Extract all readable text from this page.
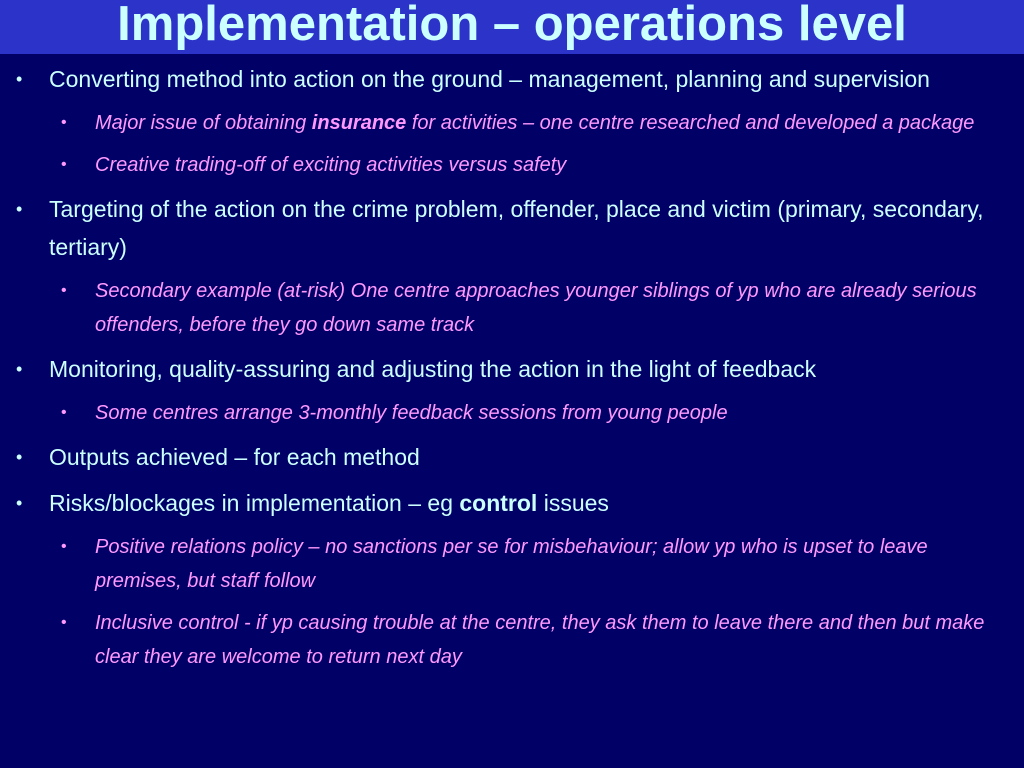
Implementation – operations level
• Converting method into action on the ground – management, planning and supervision
• Major issue of obtaining insurance for activities – one centre researched and developed a package
• Creative trading-off of exciting activities versus safety
• Targeting of the action on the crime problem, offender, place and victim (primary, secondary, tertiary)
• Secondary example (at-risk) One centre approaches younger siblings of yp who are already serious offenders, before they go down same track
• Monitoring, quality-assuring and adjusting the action in the light of feedback
• Some centres arrange 3-monthly feedback sessions from young people
• Outputs achieved – for each method
• Risks/blockages in implementation – eg control issues
• Positive relations policy – no sanctions per se for misbehaviour; allow yp who is upset to leave premises, but staff follow
• Inclusive control - if yp causing trouble at the centre, they ask them to leave there and then but make clear they are welcome to return next day
